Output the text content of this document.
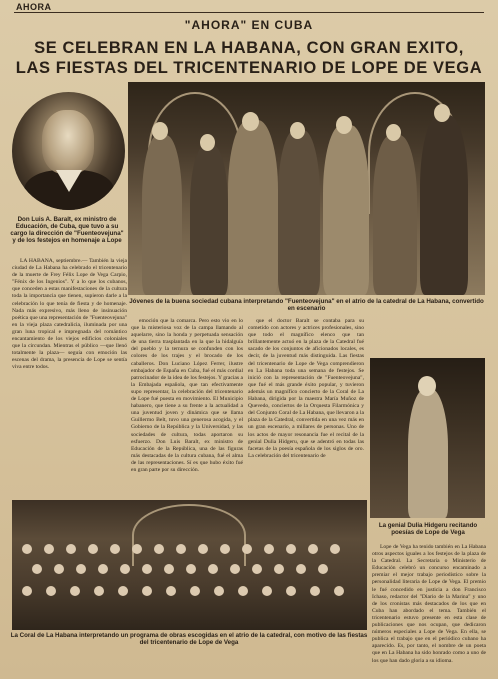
AHORA
"AHORA" EN CUBA
SE CELEBRAN EN LA HABANA, CON GRAN EXITO,
LAS FIESTAS DEL TRICENTENARIO DE LOPE DE VEGA
Don Luis A. Baralt, ex ministro de Educación, de Cuba, que tuvo a su cargo la dirección de "Fuenteovejuna" y de los festejos en homenaje a Lope
Jóvenes de la buena sociedad cubana interpretando "Fuenteovejuna" en el atrio de la catedral de La Habana, convertido en escenario

LA HABANA, septiembre.— También la vieja ciudad de La Habana ha celebrado el tricentenario de la muerte de Frey Félix Lope de Vega Carpio, "Fénix de los Ingenios". Y a lo que los cubanos, que conceden a estas manifestaciones de la cultura toda la importancia que tienen, supieron darle a la celebración lo que tenía de fiesta y de homenaje. Nada más expresivo, más lleno de insinuación poética que una representación de "Fuenteovejuna" en la vieja plaza catedralicia, iluminada por una gran luna tropical e impregnada del romántico encantamiento de los viejos edificios coloniales que la circundan. Mientras el público —que llenó totalmente la plaza— seguía con emoción las escenas del drama, la presencia de Lope se sentía viva entre todos.

emoción que la comarca. Pero esto vio en lo que la misteriosa voz de la campa llamando al aquelarre, sino la honda y perpetuada sensación de una tierra trasplantada en la que la hidalguía del pueblo y la ternura se confunden con los colores de los trajes y el brocado de los caballeros. Don Luciano López Ferrer, ilustre embajador de España en Cuba, fué el más cordial patrocinador de la idea de los festejos. Y gracias a la Embajada española, que tan efectivamente supo representar, la celebración del tricentenario de Lope fué puesta en movimiento. El Municipio habanero, que tiene a su frente a la actualidad a una juventud joven y dinámica que se llama Guillermo Belt, tuvo una generosa acogida, y el Gobierno de la República y la Universidad, y las sociedades de cultura, todas aportaron su esfuerzo. Don Luis Baralt, ex ministro de Educación de la República, una de las figuras más destacadas de la cultura cubana, fué el alma de las representaciones. Sí es que hubo éxito fué en gran parte por su dirección.

que el doctor Baralt se contaba para su cometido con actores y actrices profesionales, sino que todo el magnífico elenco que tan brillantemente actuó en la plaza de la Catedral fué sacado de los conjuntos de aficionados locales, es decir, de la juventud más distinguida. Las fiestas del tricentenario de Lope de Vega comprendieron en La Habana toda una semana de festejos. Se inició con la representación de "Fuenteovejuna", que fué el más grande éxito popular, y tuvieron además un magnífico concierto de la Coral de La Habana, dirigida por la maestra María Muñoz de Quevedo, conciertos de la Orquesta Filarmónica y del Conjunto Coral de La Habana, que llevaron a la plaza de la Catedral, convertida en una vez más en un gran escenario, a millares de personas. Uno de los actos de mayor resonancia fue el recital de la genial Dulia Hidgeru, que se adentró en todas las facetas de la poesía española de los siglos de oro. La celebración del tricentenario de

La genial Dulia Hidgeru recitando poesías de Lope de Vega

Lope de Vega ha tenido también en La Habana otros aspectos iguales a los festejos de la plaza de la Catedral. La Secretaría o Ministerio de Educación celebró un concurso encaminado a premiar el mejor trabajo periodístico sobre la personalidad literaria de Lope de Vega. El premio le fué concedido en justicia a don Francisco Ichaso, redactor del "Diario de la Marina" y uno de los cronistas más destacados de los que en Cuba han abordado el tema. También el tricentenario estuvo presente en esta clase de publicaciones que nos ocupan, que dedicaron números especiales a Lope de Vega. En ella, se publica el trabajo que en el periódico cubano ha aparecido. Es, por tanto, el nombre de un poeta que en La Habana ha sido honrado como a uno de los que han dado gloria a su idioma.

La Coral de La Habana interpretando un programa de obras escogidas en el atrio de la catedral, con motivo de las fiestas del tricentenario de Lope de Vega
